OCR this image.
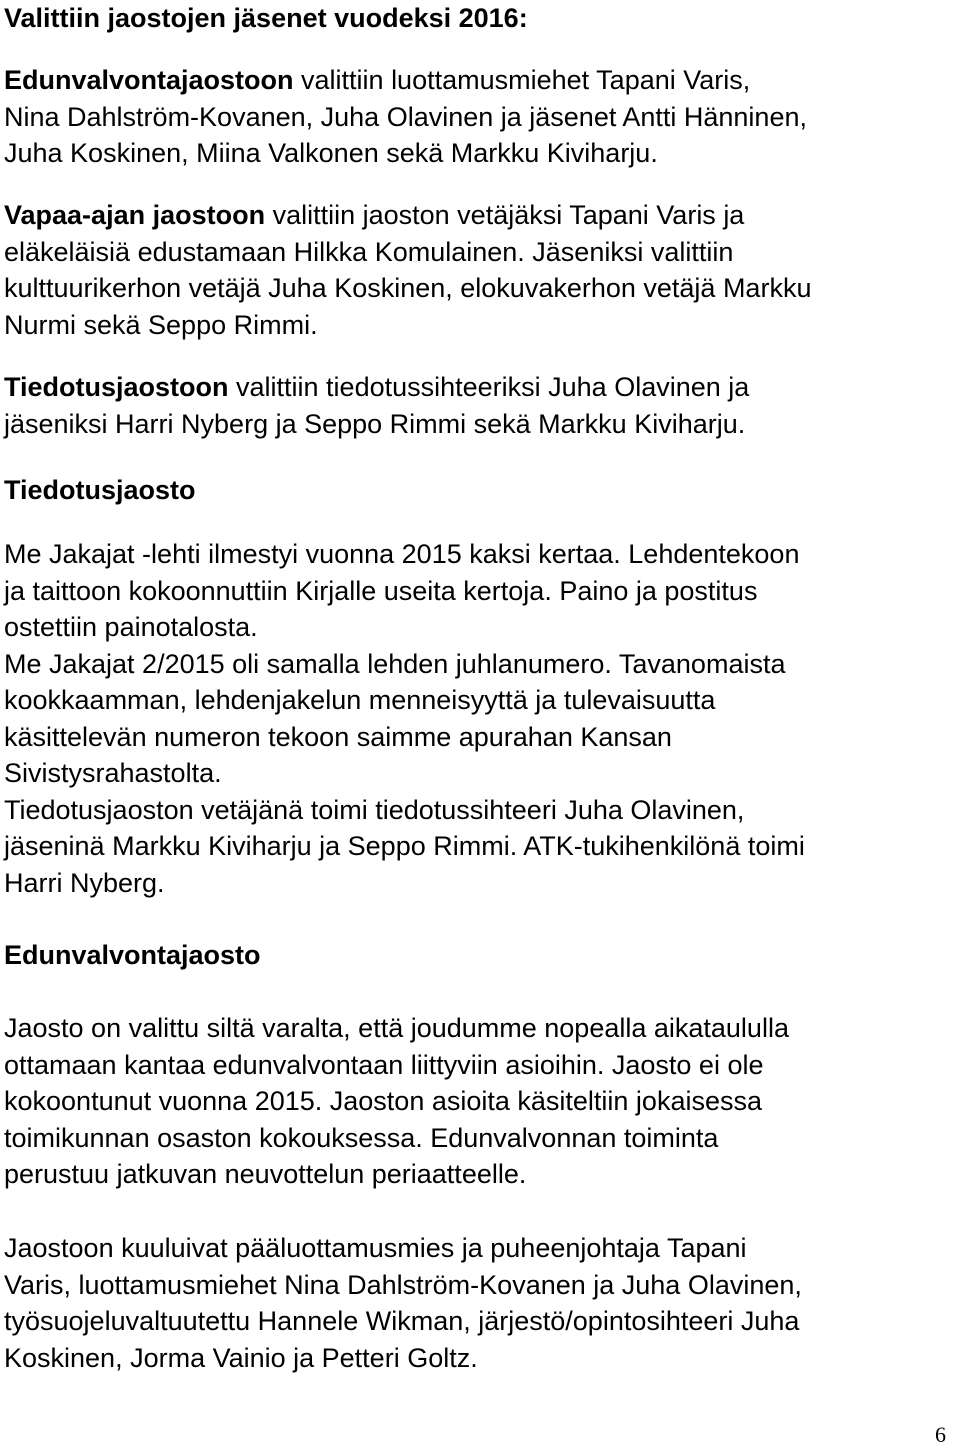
Valittiin jaostojen jäsenet vuodeksi 2016:
Edunvalvontajaostoon valittiin luottamusmiehet Tapani Varis,
Nina Dahlström-Kovanen, Juha Olavinen ja jäsenet Antti Hänninen,
Juha Koskinen, Miina Valkonen sekä Markku Kiviharju.
Vapaa-ajan jaostoon valittiin jaoston vetäjäksi Tapani Varis ja
eläkeläisiä edustamaan Hilkka Komulainen. Jäseniksi valittiin
kulttuurikerhon vetäjä Juha Koskinen, elokuvakerhon vetäjä Markku
Nurmi sekä Seppo Rimmi.
Tiedotusjaostoon valittiin tiedotussihteeriksi Juha Olavinen ja
jäseniksi Harri Nyberg ja Seppo Rimmi sekä Markku Kiviharju.
Tiedotusjaosto
Me Jakajat -lehti ilmestyi vuonna 2015 kaksi kertaa. Lehdentekoon
ja taittoon kokoonnuttiin Kirjalle useita kertoja. Paino ja postitus
ostettiin painotalosta.
Me Jakajat 2/2015 oli samalla lehden juhlanumero. Tavanomaista
kookkaamman, lehdenjakelun menneisyyttä ja tulevaisuutta
käsittelevän numeron tekoon saimme apurahan Kansan
Sivistysrahastolta.
Tiedotusjaoston vetäjänä toimi tiedotussihteeri Juha Olavinen,
jäseninä Markku Kiviharju ja Seppo Rimmi. ATK-tukihenkilönä toimi
Harri Nyberg.
Edunvalvontajaosto
Jaosto on valittu siltä varalta, että joudumme nopealla aikataululla
ottamaan kantaa edunvalvontaan liittyviin asioihin. Jaosto ei ole
kokoontunut vuonna 2015. Jaoston asioita käsiteltiin jokaisessa
toimikunnan osaston kokouksessa. Edunvalvonnan toiminta
perustuu jatkuvan neuvottelun periaatteelle.
Jaostoon kuuluivat pääluottamusmies ja puheenjohtaja Tapani
Varis, luottamusmiehet Nina Dahlström-Kovanen ja Juha Olavinen,
työsuojeluvaltuutettu Hannele Wikman, järjestö/opintosihteeri Juha
Koskinen, Jorma Vainio ja Petteri Goltz.
6
